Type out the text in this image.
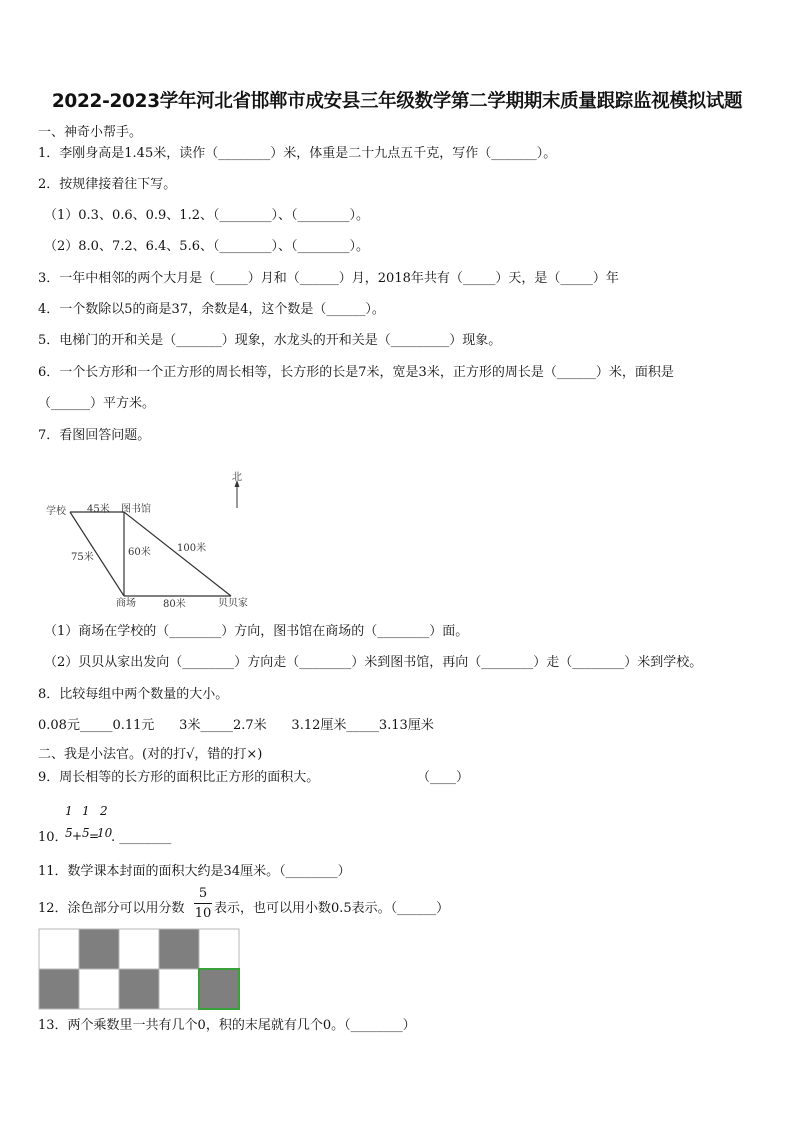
2022-2023学年河北省邯郸市成安县三年级数学第二学期期末质量跟踪监视模拟试题
一、神奇小帮手。
1．李刚身高是1.45米，读作（________）米，体重是二十九点五千克，写作（_______）。
2．按规律接着往下写。
（1）0.3、0.6、0.9、1.2、（________）、（________）。
（2）8.0、7.2、6.4、5.6、（________）、（________）。
3．一年中相邻的两个大月是（_____）月和（______）月，2018年共有（_____）天，是（_____）年
4．一个数除以5的商是37，余数是4，这个数是（______）。
5．电梯门的开和关是（_______）现象，水龙头的开和关是（_________）现象。
6．一个长方形和一个正方形的周长相等，长方形的长是7米，宽是3米，正方形的周长是（______）米，面积是
（______）平方米。
7．看图回答问题。
北
学校	图书馆
商场	贝贝家
45米
75米	60米	100米
80米
（1）商场在学校的（________）方向，图书馆在商场的（________）面。
（2）贝贝从家出发向（________）方向走（________）米到图书馆，再向（________）走（________）米到学校。
8．比较每组中两个数量的大小。
0.08元_____0.11元      3米_____2.7米      3.12厘米_____3.13厘米
二、我是小法官。(对的打√，错的打×)
9．周长相等的长方形的面积比正方形的面积大。	（____）
10．
1
5 +
1
5 =
2
10
. ________
11．数学课本封面的面积大约是34厘米。（________）
12．涂色部分可以用分数
5
10 表示，也可以用小数0.5表示。（______）
13．两个乘数里一共有几个0，积的末尾就有几个0。（________）
